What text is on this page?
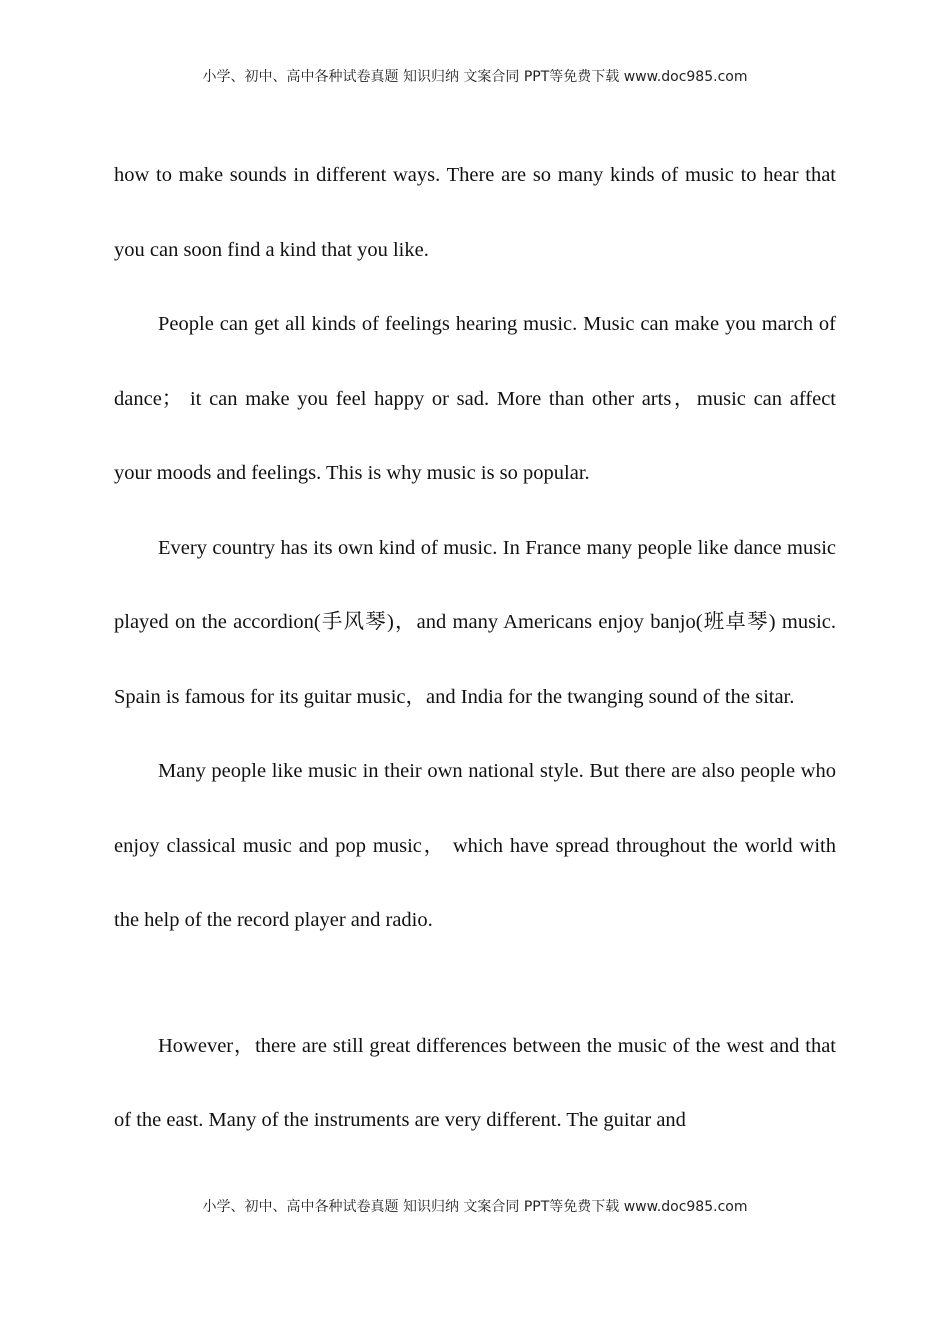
小学、初中、高中各种试卷真题 知识归纳 文案合同 PPT等免费下载 www.doc985.com

how to make sounds in different ways. There are so many kinds of music to hear that you can soon find a kind that you like.

People can get all kinds of feelings hearing music. Music can make you march of dance； it can make you feel happy or sad. More than other arts，music can affect your moods and feelings. This is why music is so popular.

Every country has its own kind of music. In France many people like dance music played on the accordion(手风琴)，and many Americans enjoy banjo(班卓琴) music. Spain is famous for its guitar music，and India for the twanging sound of the sitar.

Many people like music in their own national style. But there are also people who enjoy classical music and pop music， which have spread throughout the world with the help of the record player and radio.

However，there are still great differences between the music of the west and that of the east. Many of the instruments are very different. The guitar and

小学、初中、高中各种试卷真题 知识归纳 文案合同 PPT等免费下载 www.doc985.com
